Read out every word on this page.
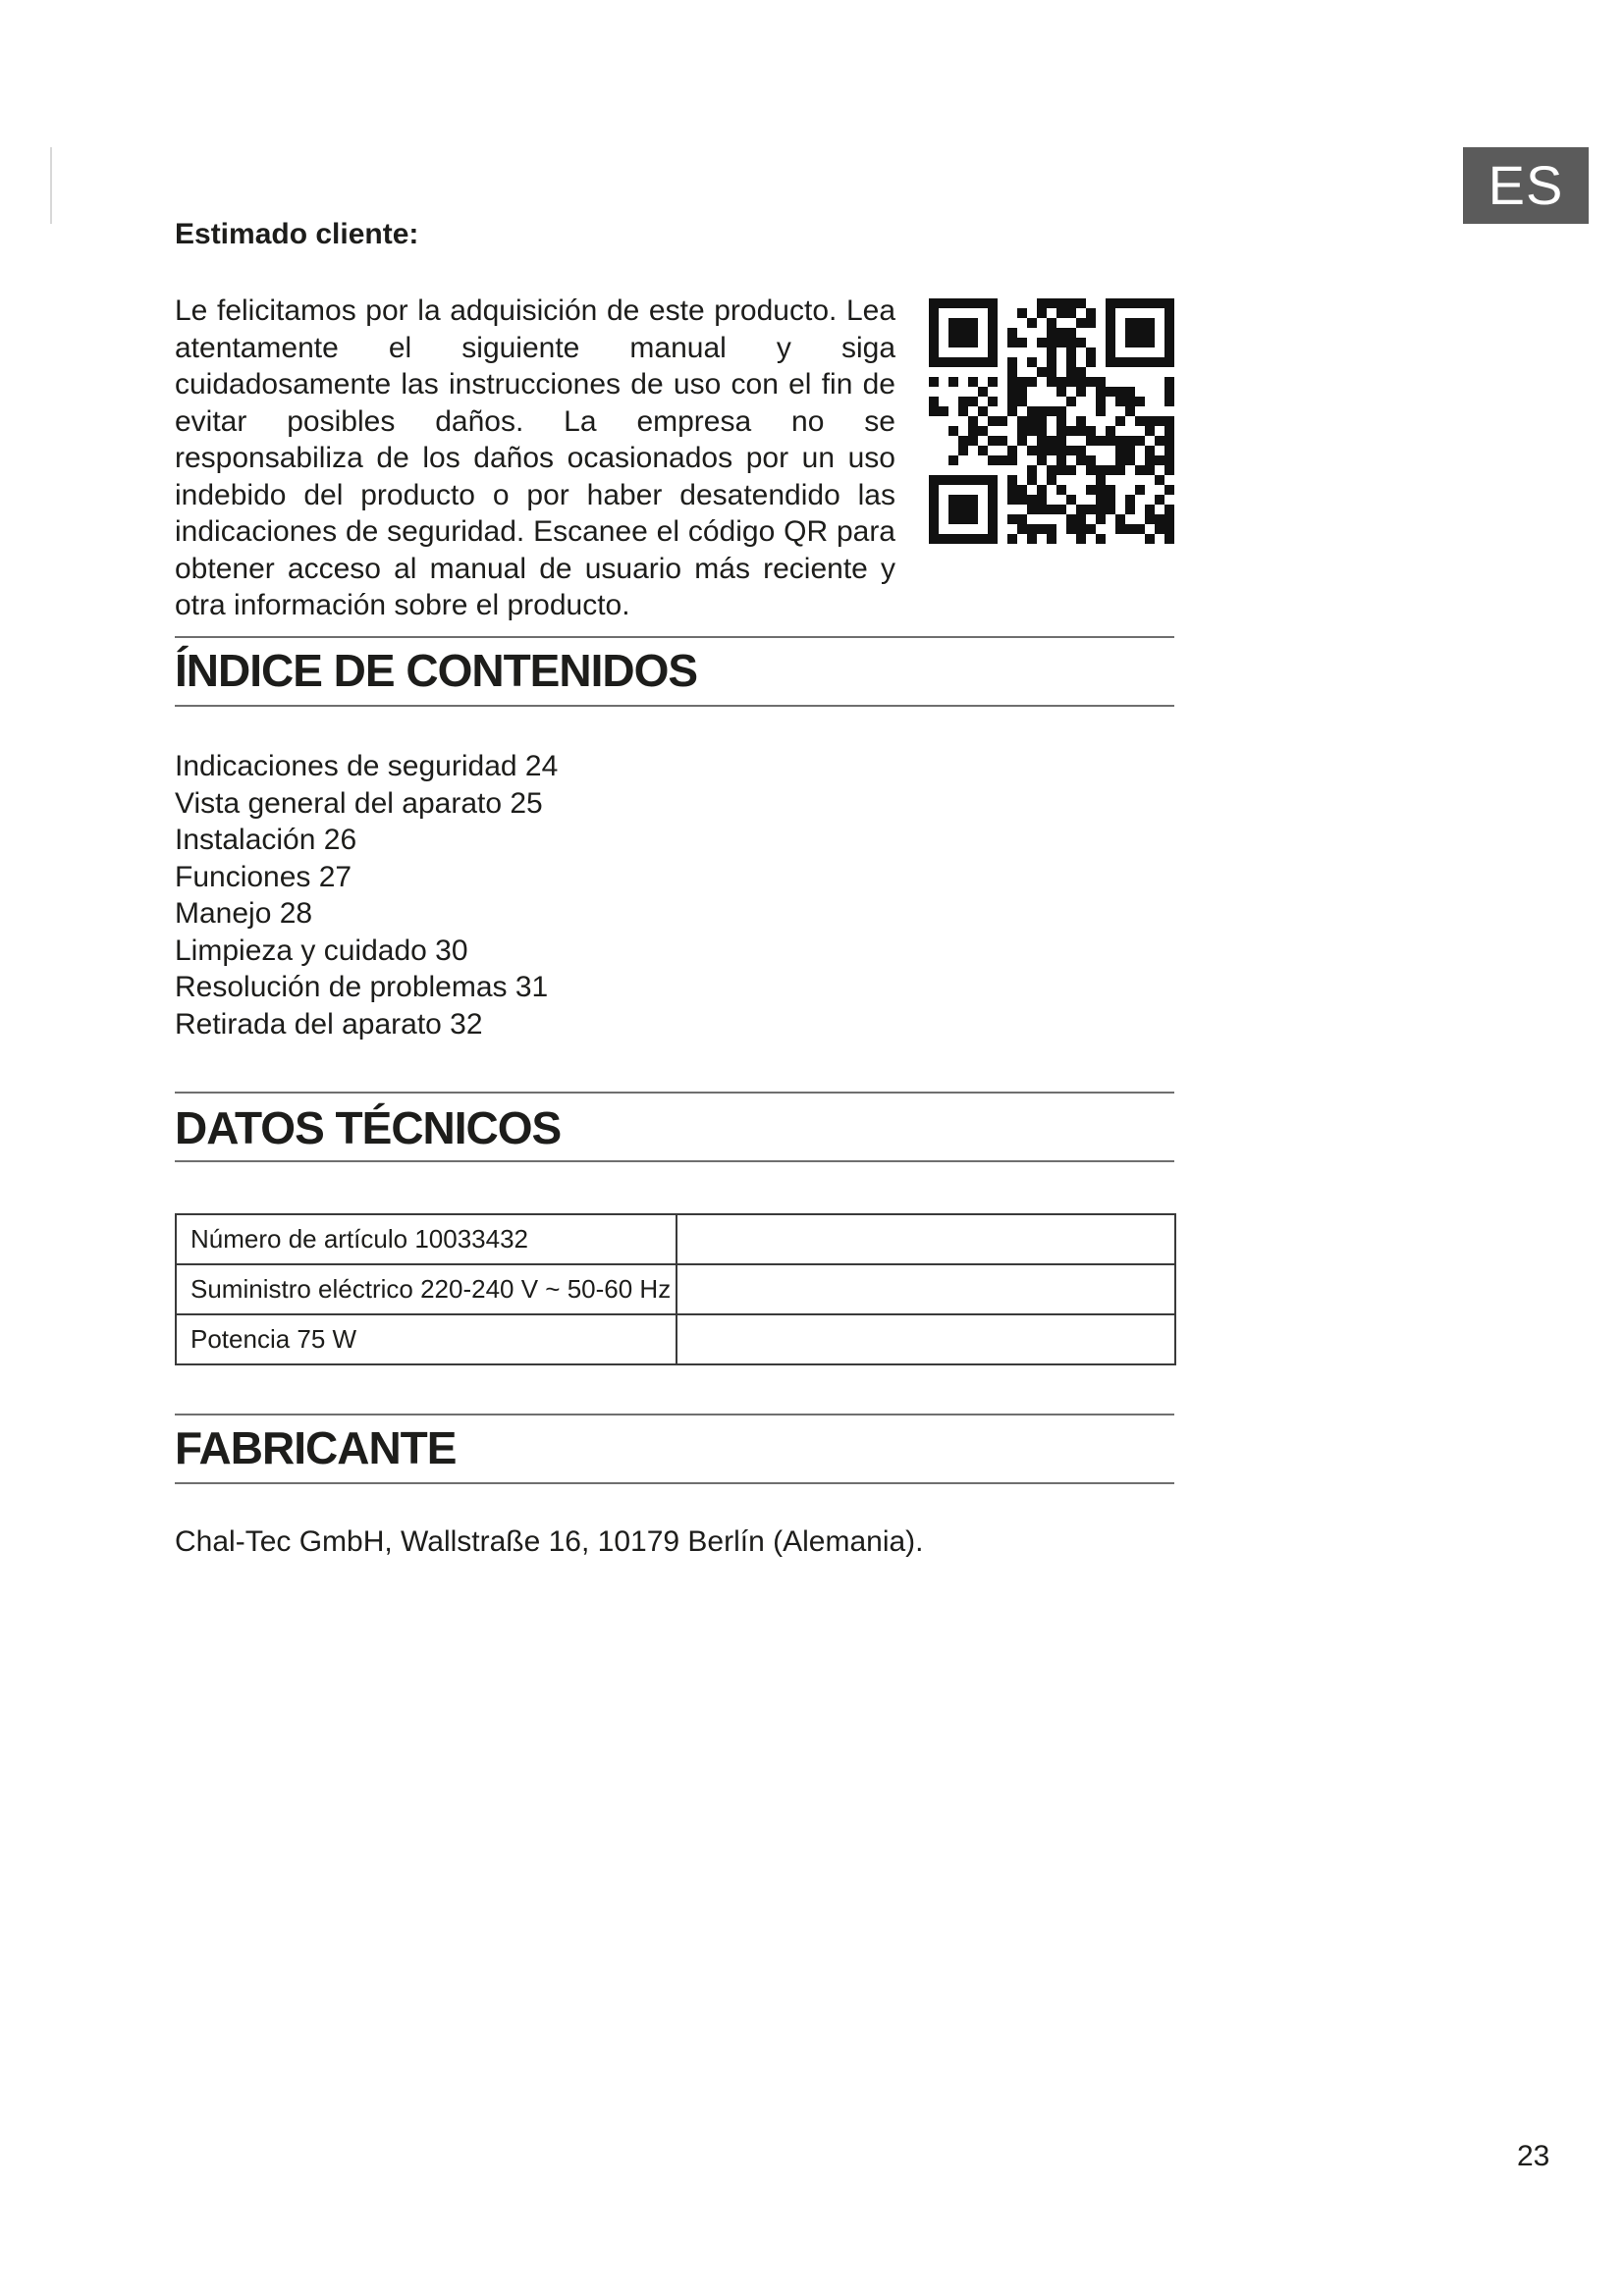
ES
Estimado cliente:
Le felicitamos por la adquisición de este producto. Lea atentamente el siguiente manual y siga cuidadosamente las instrucciones de uso con el fin de evitar posibles daños. La empresa no se responsabiliza de los daños ocasionados por un uso indebido del producto o por haber desatendido las indicaciones de seguridad. Escanee el código QR para obtener acceso al manual de usuario más reciente y otra información sobre el producto.
ÍNDICE DE CONTENIDOS
Indicaciones de seguridad 24
Vista general del aparato 25
Instalación 26
Funciones 27
Manejo 28
Limpieza y cuidado 30
Resolución de problemas 31
Retirada del aparato 32
DATOS TÉCNICOS
Número de artículo 10033432	
Suministro eléctrico 220-240 V ~ 50-60 Hz	
Potencia 75 W	
FABRICANTE
Chal-Tec GmbH, Wallstraße 16, 10179 Berlín (Alemania).
23
